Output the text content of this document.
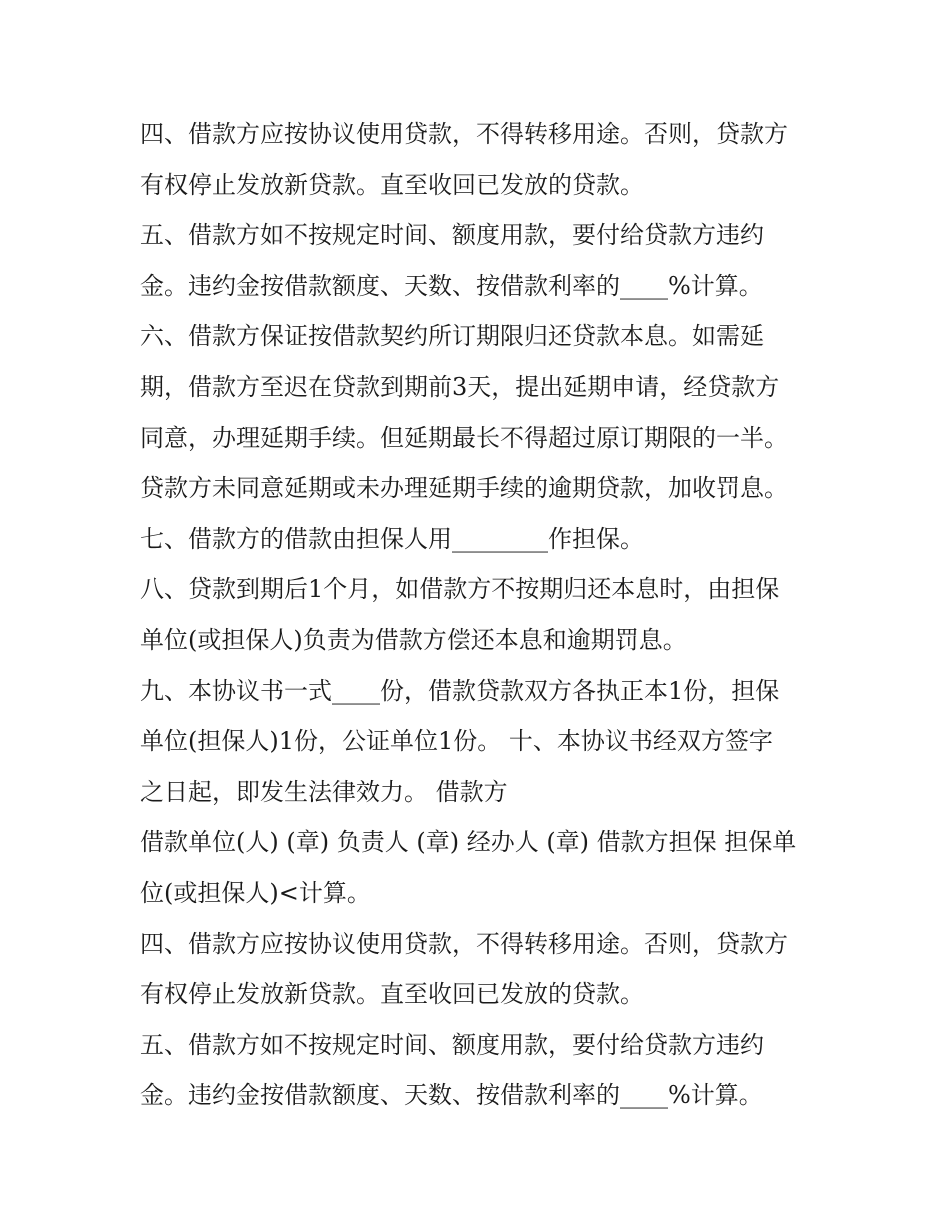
四、借款方应按协议使用贷款，不得转移用途。否则，贷款方
有权停止发放新贷款。直至收回已发放的贷款。
五、借款方如不按规定时间、额度用款，要付给贷款方违约
金。违约金按借款额度、天数、按借款利率的____%计算。
六、借款方保证按借款契约所订期限归还贷款本息。如需延
期，借款方至迟在贷款到期前3天，提出延期申请，经贷款方
同意，办理延期手续。但延期最长不得超过原订期限的一半。
贷款方未同意延期或未办理延期手续的逾期贷款，加收罚息。
七、借款方的借款由担保人用________作担保。
八、贷款到期后1个月，如借款方不按期归还本息时，由担保
单位(或担保人)负责为借款方偿还本息和逾期罚息。
九、本协议书一式____份，借款贷款双方各执正本1份，担保
单位(担保人)1份，公证单位1份。 十、本协议书经双方签字
之日起，即发生法律效力。 借款方
借款单位(人) (章) 负责人 (章) 经办人 (章) 借款方担保 担保单
位(或担保人)<计算。
四、借款方应按协议使用贷款，不得转移用途。否则，贷款方
有权停止发放新贷款。直至收回已发放的贷款。
五、借款方如不按规定时间、额度用款，要付给贷款方违约
金。违约金按借款额度、天数、按借款利率的____%计算。
